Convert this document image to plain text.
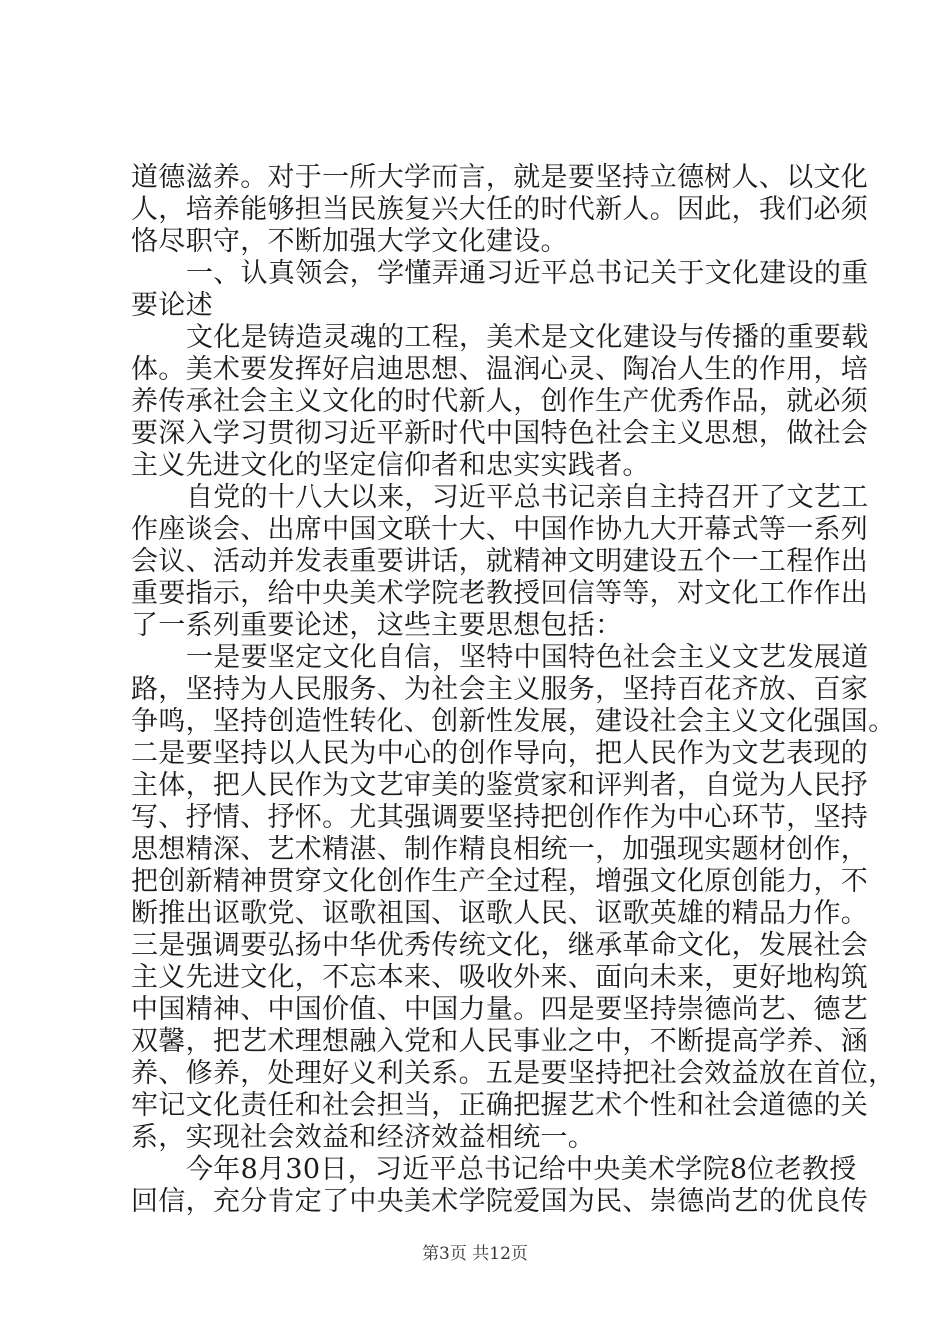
道德滋养。对于一所大学而言，就是要坚持立德树人、以文化
人，培养能够担当民族复兴大任的时代新人。因此，我们必须
恪尽职守，不断加强大学文化建设。
一、认真领会，学懂弄通习近平总书记关于文化建设的重
要论述
文化是铸造灵魂的工程，美术是文化建设与传播的重要载
体。美术要发挥好启迪思想、温润心灵、陶冶人生的作用，培
养传承社会主义文化的时代新人，创作生产优秀作品，就必须
要深入学习贯彻习近平新时代中国特色社会主义思想，做社会
主义先进文化的坚定信仰者和忠实实践者。
自党的十八大以来，习近平总书记亲自主持召开了文艺工
作座谈会、出席中国文联十大、中国作协九大开幕式等一系列
会议、活动并发表重要讲话，就精神文明建设五个一工程作出
重要指示，给中央美术学院老教授回信等等，对文化工作作出
了一系列重要论述，这些主要思想包括：
一是要坚定文化自信，坚特中国特色社会主义文艺发展道
路，坚持为人民服务、为社会主义服务，坚持百花齐放、百家
争鸣，坚持创造性转化、创新性发展，建设社会主义文化强国。
二是要坚持以人民为中心的创作导向，把人民作为文艺表现的
主体，把人民作为文艺审美的鉴赏家和评判者，自觉为人民抒
写、抒情、抒怀。尤其强调要坚持把创作作为中心环节，坚持
思想精深、艺术精湛、制作精良相统一，加强现实题材创作，
把创新精神贯穿文化创作生产全过程，增强文化原创能力，不
断推出讴歌党、讴歌祖国、讴歌人民、讴歌英雄的精品力作。
三是强调要弘扬中华优秀传统文化，继承革命文化，发展社会
主义先进文化，不忘本来、吸收外来、面向未来，更好地构筑
中国精神、中国价值、中国力量。四是要坚持崇德尚艺、德艺
双馨，把艺术理想融入党和人民事业之中，不断提高学养、涵
养、修养，处理好义利关系。五是要坚持把社会效益放在首位，
牢记文化责任和社会担当，正确把握艺术个性和社会道德的关
系，实现社会效益和经济效益相统一。
今年8月30日，习近平总书记给中央美术学院8位老教授
回信，充分肯定了中央美术学院爱国为民、崇德尚艺的优良传
第3页 共12页
